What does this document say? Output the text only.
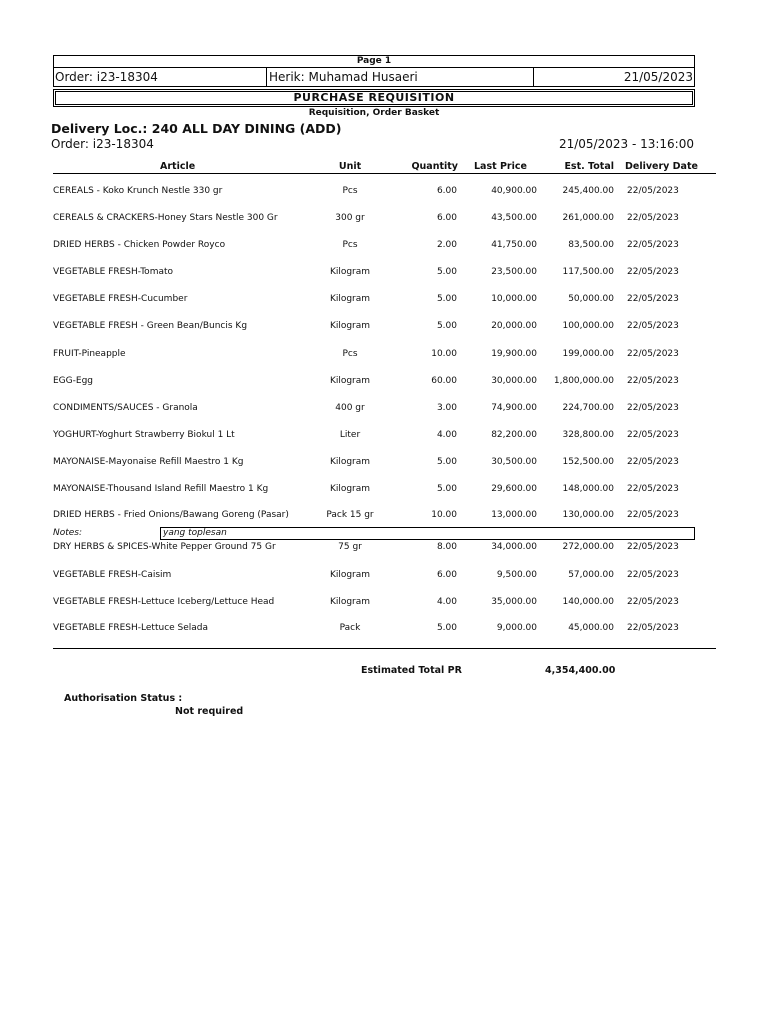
Page 1
Order: i23-18304	Herik: Muhamad Husaeri	21/05/2023
PURCHASE REQUISITION
Requisition, Order Basket
Delivery Loc.: 240 ALL DAY DINING (ADD)
Order: i23-18304	21/05/2023 - 13:16:00
Article	Unit	Quantity Last Price	Est. Total Delivery Date
CEREALS - Koko Krunch Nestle 330 gr	Pcs	6.00	40,900.00	245,400.00 22/05/2023
CEREALS & CRACKERS-Honey Stars Nestle 300 Gr	300 gr	6.00	43,500.00	261,000.00 22/05/2023
DRIED HERBS - Chicken Powder Royco	Pcs	2.00	41,750.00	83,500.00 22/05/2023
VEGETABLE FRESH-Tomato	Kilogram	5.00	23,500.00	117,500.00 22/05/2023
VEGETABLE FRESH-Cucumber	Kilogram	5.00	10,000.00	50,000.00 22/05/2023
VEGETABLE FRESH - Green Bean/Buncis Kg	Kilogram	5.00	20,000.00	100,000.00 22/05/2023
FRUIT-Pineapple	Pcs	10.00	19,900.00	199,000.00 22/05/2023
EGG-Egg	Kilogram	60.00	30,000.00	1,800,000.00 22/05/2023
CONDIMENTS/SAUCES - Granola	400 gr	3.00	74,900.00	224,700.00 22/05/2023
YOGHURT-Yoghurt Strawberry Biokul 1 Lt	Liter	4.00	82,200.00	328,800.00 22/05/2023
MAYONAISE-Mayonaise Refill Maestro 1 Kg	Kilogram	5.00	30,500.00	152,500.00 22/05/2023
MAYONAISE-Thousand Island Refill Maestro 1 Kg	Kilogram	5.00	29,600.00	148,000.00 22/05/2023
DRIED HERBS - Fried Onions/Bawang Goreng (Pasar)	Pack 15 gr	10.00	13,000.00	130,000.00 22/05/2023
DRY HERBS & SPICES-White Pepper Ground 75 Gr	75 gr	8.00	34,000.00	272,000.00 22/05/2023
VEGETABLE FRESH-Caisim	Kilogram	6.00	9,500.00	57,000.00 22/05/2023
VEGETABLE FRESH-Lettuce Iceberg/Lettuce Head	Kilogram	4.00	35,000.00	140,000.00 22/05/2023
VEGETABLE FRESH-Lettuce Selada	Pack	5.00	9,000.00	45,000.00 22/05/2023
Notes:	yang toplesan
Estimated Total PR	4,354,400.00
Authorisation Status :
Not required
